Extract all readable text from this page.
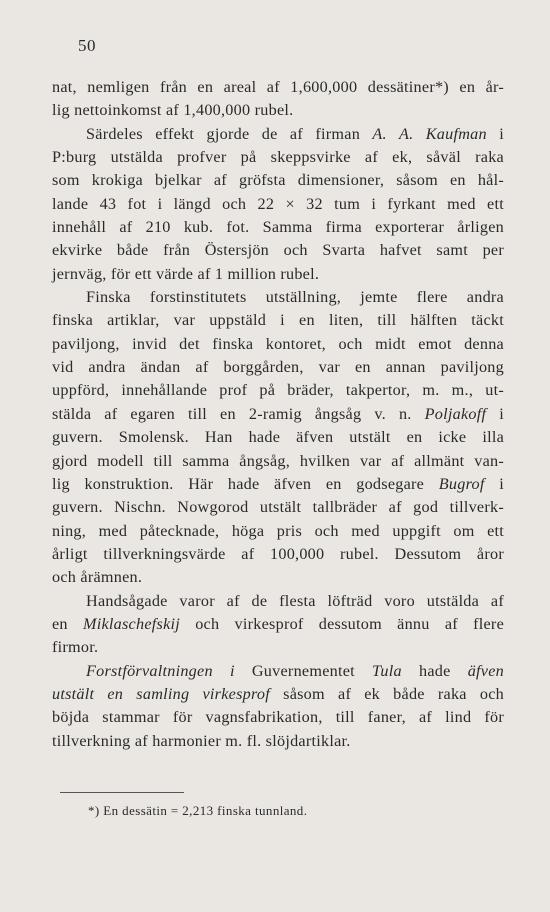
50
nat, nemligen från en areal af 1,600,000 dessätiner*) en år-
lig nettoinkomst af 1,400,000 rubel.
Särdeles effekt gjorde de af firman A. A. Kaufman i
P:burg utstälda profver på skeppsvirke af ek, såväl raka
som krokiga bjelkar af gröfsta dimensioner, såsom en hål-
lande 43 fot i längd och 22 × 32 tum i fyrkant med ett
innehåll af 210 kub. fot. Samma firma exporterar årligen
ekvirke både från Östersjön och Svarta hafvet samt per
jernväg, för ett värde af 1 million rubel.
Finska forstinstitutets utställning, jemte flere andra
finska artiklar, var uppstäld i en liten, till hälften täckt
paviljong, invid det finska kontoret, och midt emot denna
vid andra ändan af borggården, var en annan paviljong
uppförd, innehållande prof på bräder, takpertor, m. m., ut-
stälda af egaren till en 2-ramig ångsåg v. n. Poljakoff i
guvern. Smolensk. Han hade äfven utstält en icke illa
gjord modell till samma ångsåg, hvilken var af allmänt van-
lig konstruktion. Här hade äfven en godsegare Bugrof i
guvern. Nischn. Nowgorod utstält tallbräder af god tillverk-
ning, med påtecknade, höga pris och med uppgift om ett
årligt tillverkningsvärde af 100,000 rubel. Dessutom åror
och årämnen.
Handsågade varor af de flesta löfträd voro utstälda af
en Miklaschefskij och virkesprof dessutom ännu af flere
firmor.
Forstförvaltningen i Guvernementet Tula hade äfven
utstält en samling virkesprof såsom af ek både raka och
böjda stammar för vagnsfabrikation, till faner, af lind för
tillverkning af harmonier m. fl. slöjdartiklar.
*) En dessätin = 2,213 finska tunnland.
